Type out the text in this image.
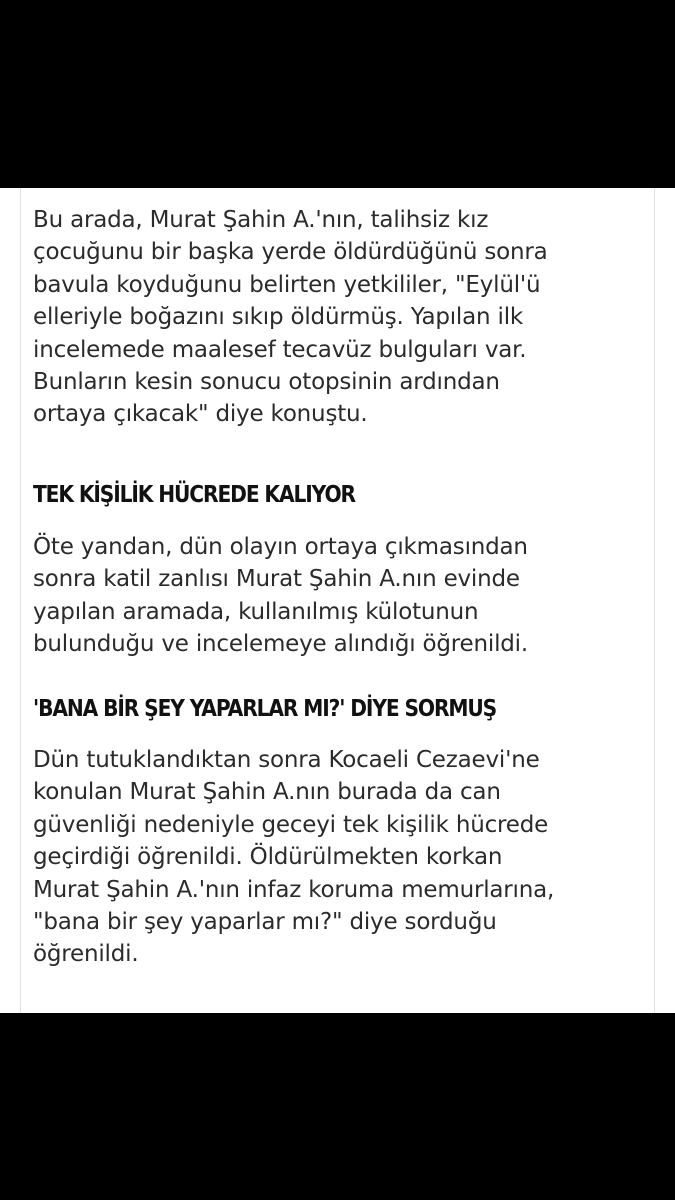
Bu arada, Murat Şahin A.'nın, talihsiz kız
çocuğunu bir başka yerde öldürdüğünü sonra
bavula koyduğunu belirten yetkililer, "Eylül'ü
elleriyle boğazını sıkıp öldürmüş. Yapılan ilk
incelemede maalesef tecavüz bulguları var.
Bunların kesin sonucu otopsinin ardından
ortaya çıkacak" diye konuştu.

TEK KİŞİLİK HÜCREDE KALIYOR

Öte yandan, dün olayın ortaya çıkmasından
sonra katil zanlısı Murat Şahin A.nın evinde
yapılan aramada, kullanılmış külotunun
bulunduğu ve incelemeye alındığı öğrenildi.

'BANA BİR ŞEY YAPARLAR MI?' DİYE SORMUŞ

Dün tutuklandıktan sonra Kocaeli Cezaevi'ne
konulan Murat Şahin A.nın burada da can
güvenliği nedeniyle geceyi tek kişilik hücrede
geçirdiği öğrenildi. Öldürülmekten korkan
Murat Şahin A.'nın infaz koruma memurlarına,
"bana bir şey yaparlar mı?" diye sorduğu
öğrenildi.
